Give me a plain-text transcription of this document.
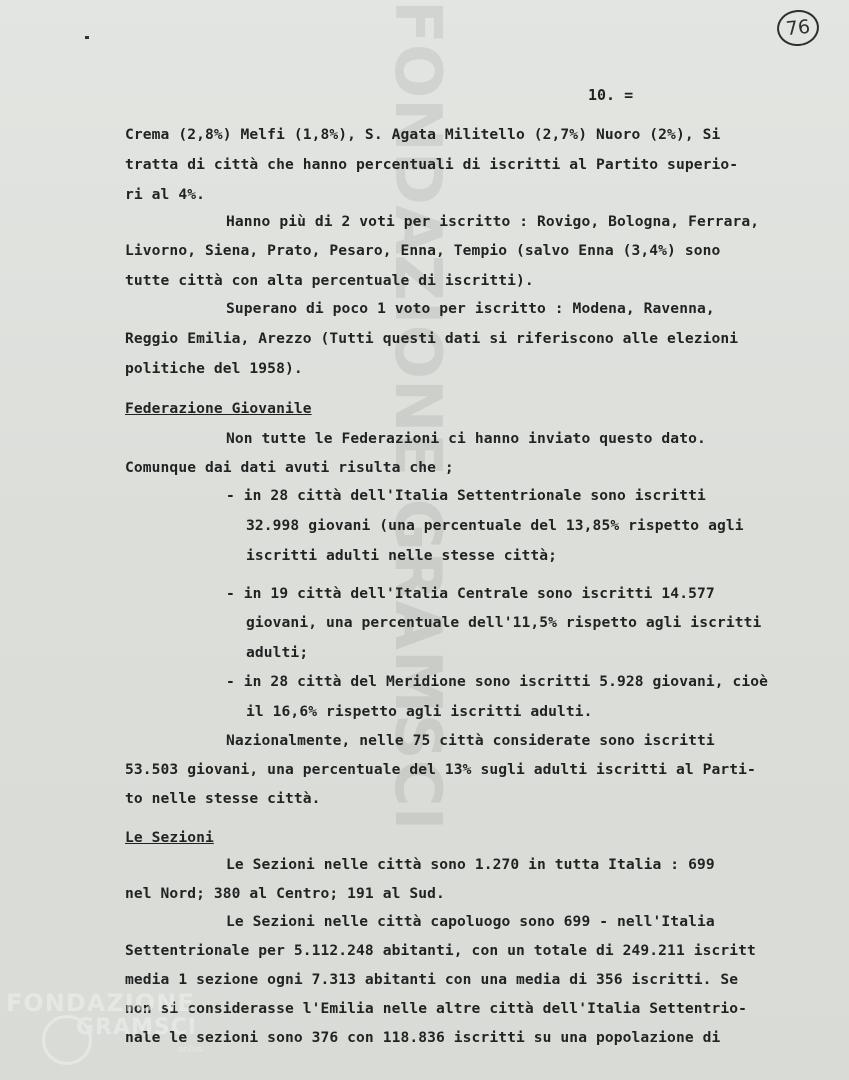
FONDAZIONE GRAMSCI	76
10. =
Crema (2,8%) Melfi (1,8%), S. Agata Militello (2,7%) Nuoro (2%), Si
tratta di città che hanno percentuali di iscritti al Partito superio-
ri al 4%.
Hanno più di 2 voti per iscritto : Rovigo, Bologna, Ferrara,
Livorno, Siena, Prato, Pesaro, Enna, Tempio (salvo Enna (3,4%) sono
tutte città con alta percentuale di iscritti).
Superano di poco 1 voto per iscritto : Modena, Ravenna,
Reggio Emilia, Arezzo (Tutti questi dati si riferiscono alle elezioni
politiche del 1958).
Federazione Giovanile
Non tutte le Federazioni ci hanno inviato questo dato.
Comunque dai dati avuti risulta che ;
- in 28 città dell'Italia Settentrionale sono iscritti
32.998 giovani (una percentuale del 13,85% rispetto agli
iscritti adulti nelle stesse città;
- in 19 città dell'Italia Centrale sono iscritti 14.577
giovani, una percentuale dell'11,5% rispetto agli iscritti
adulti;
- in 28 città del Meridione sono iscritti 5.928 giovani, cioè
il 16,6% rispetto agli iscritti adulti.
Nazionalmente, nelle 75 città considerate sono iscritti
53.503 giovani, una percentuale del 13% sugli adulti iscritti al Parti-
to nelle stesse città.
Le Sezioni
Le Sezioni nelle città sono 1.270 in tutta Italia : 699
nel Nord; 380 al Centro; 191 al Sud.
Le Sezioni nelle città capoluogo sono 699 - nell'Italia
Settentrionale per 5.112.248 abitanti, con un totale di 249.211 iscritt
media 1 sezione ogni 7.313 abitanti con una media di 356 iscritti. Se
non si considerasse l'Emilia nelle altre città dell'Italia Settentrio-
nale le sezioni sono 376 con 118.836 iscritti su una popolazione di
FONDAZIONE
GRAMSCI
onlus
